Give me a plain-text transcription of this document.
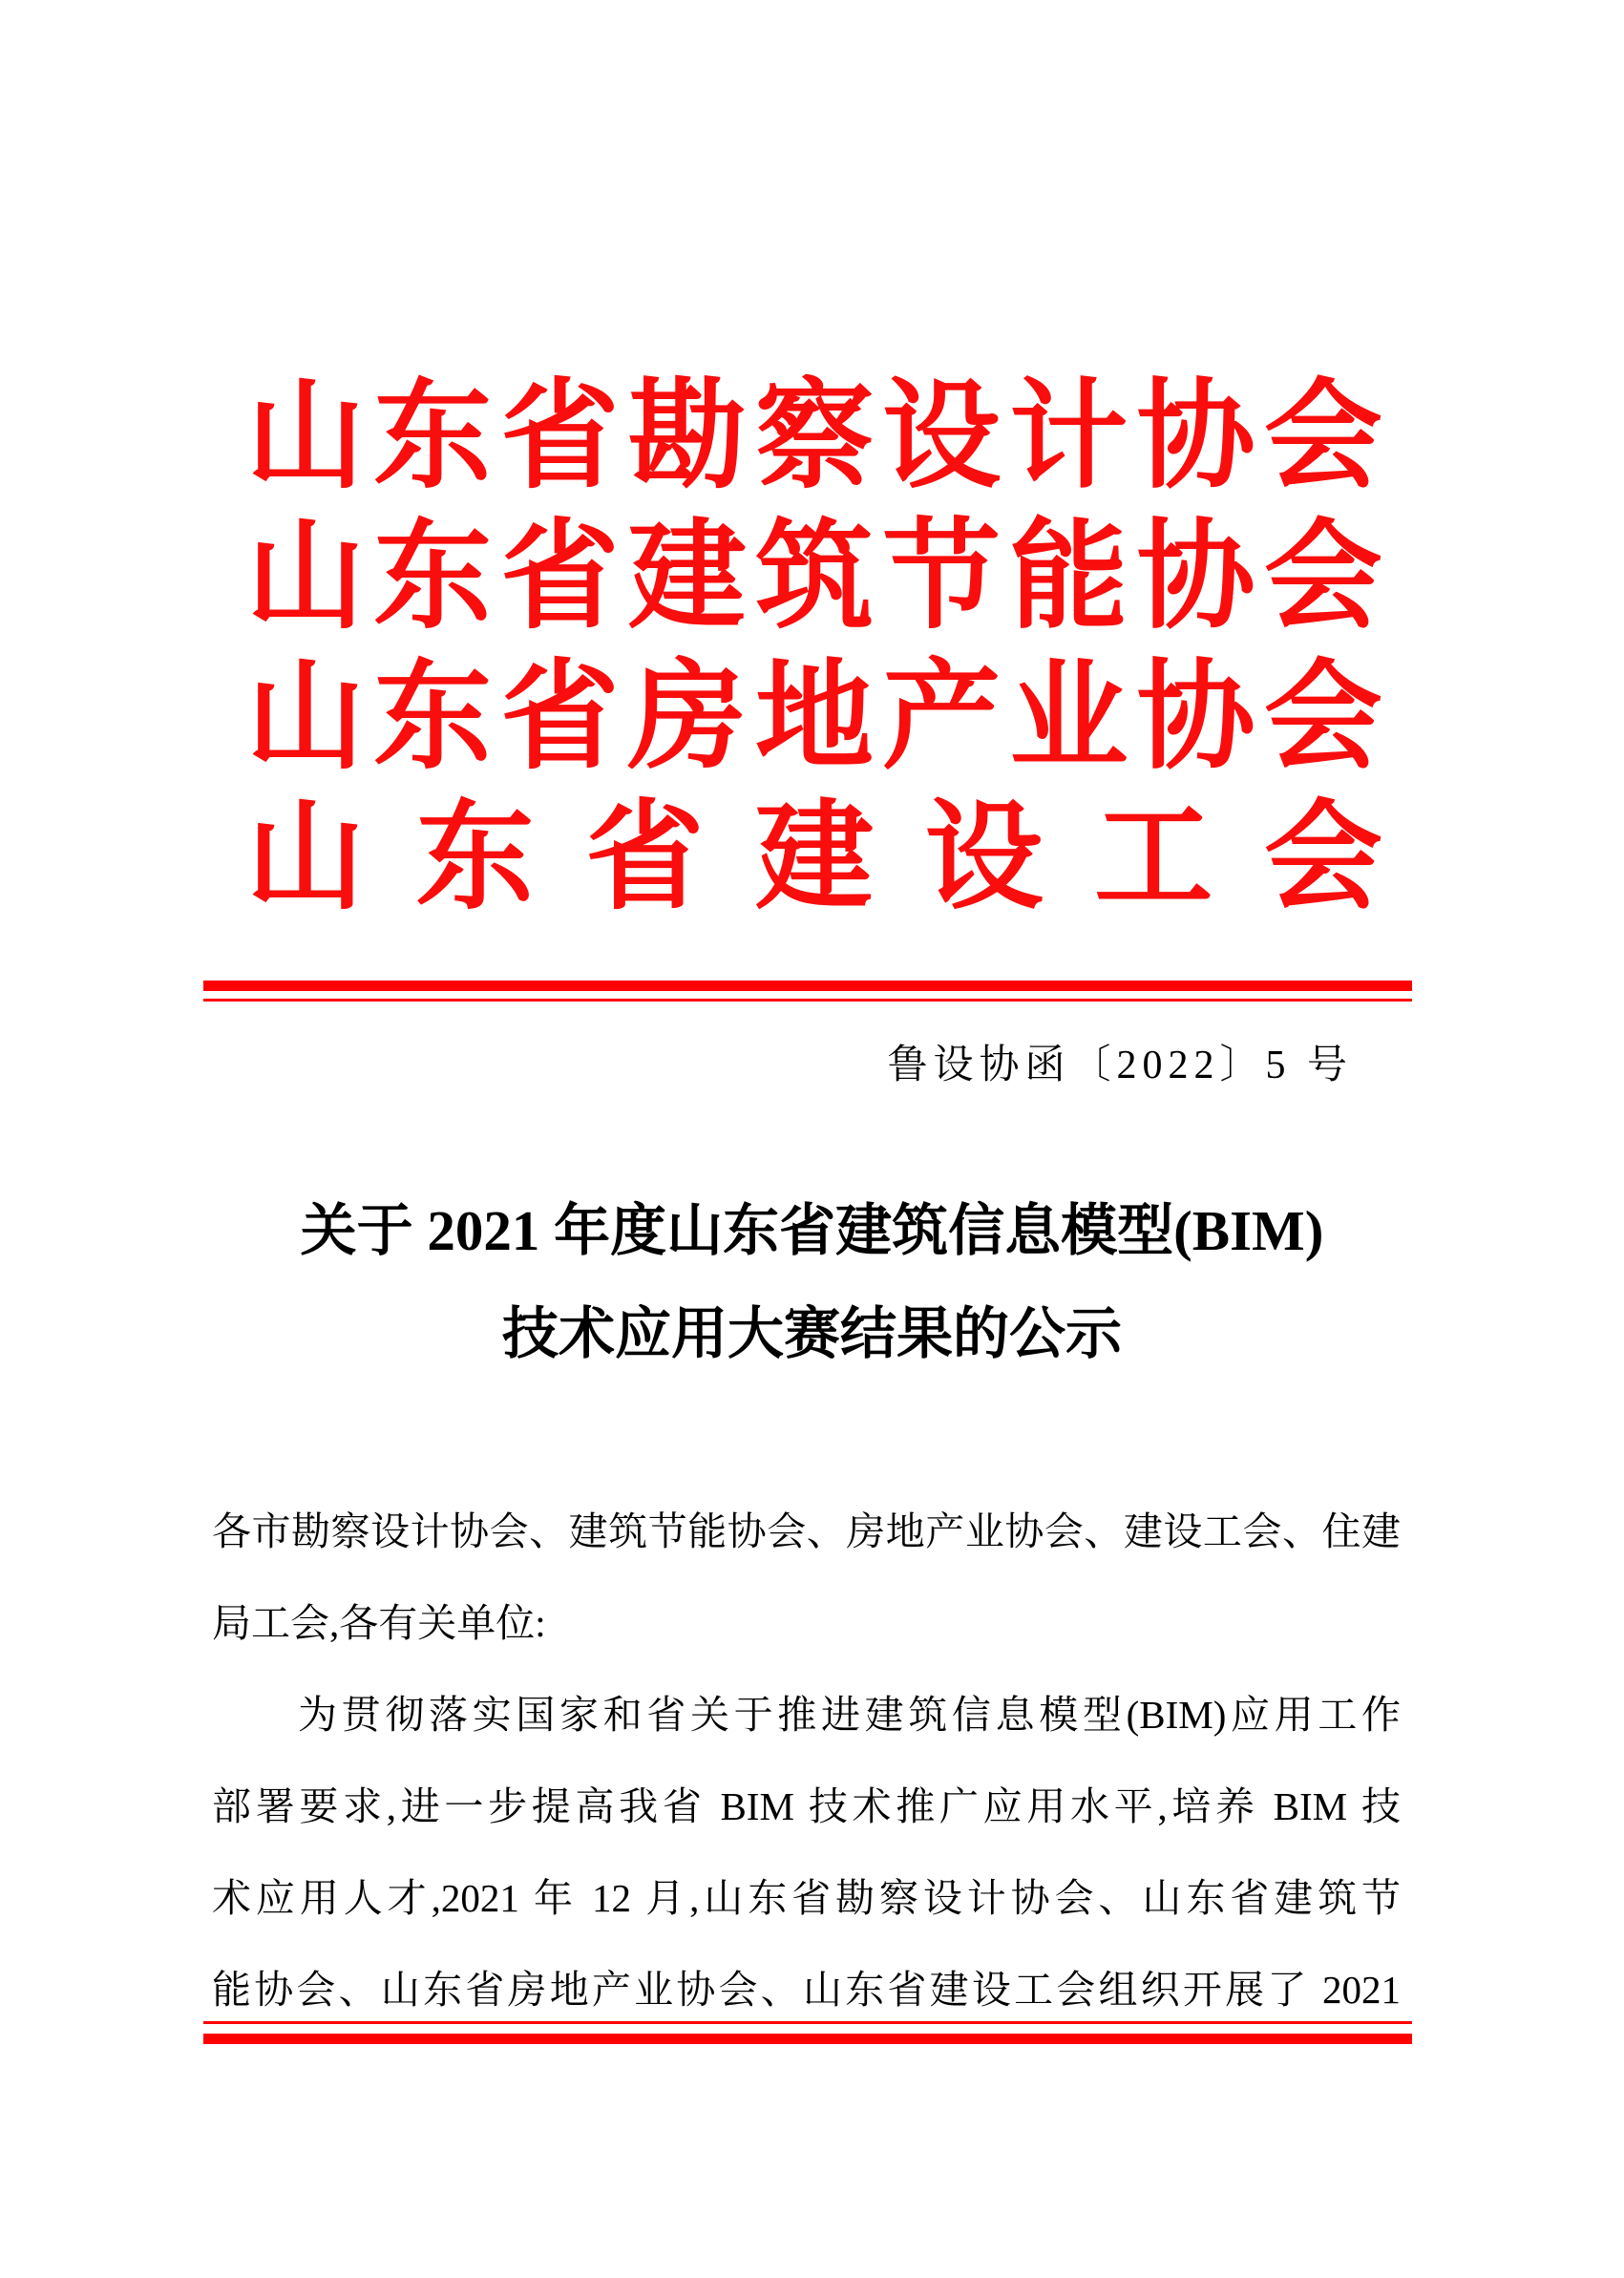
山 东 省 勘 察 设 计 协 会
山 东 省 建 筑 节 能 协 会
山 东 省 房 地 产 业 协 会
山 东 省 建 设 工 会
鲁设协函〔2022〕5 号
关于 2021 年度山东省建筑信息模型(BIM)
技术应用大赛结果的公示
各市勘察设计协会、建筑节能协会、房地产业协会、建设工会、住建
局工会,各有关单位:
为贯彻落实国家和省关于推进建筑信息模型(BIM)应用工作
部署要求,进一步提高我省 BIM 技术推广应用水平,培养 BIM 技
术应用人才,2021 年 12 月,山东省勘察设计协会、山东省建筑节
能协会、山东省房地产业协会、山东省建设工会组织开展了 2021
